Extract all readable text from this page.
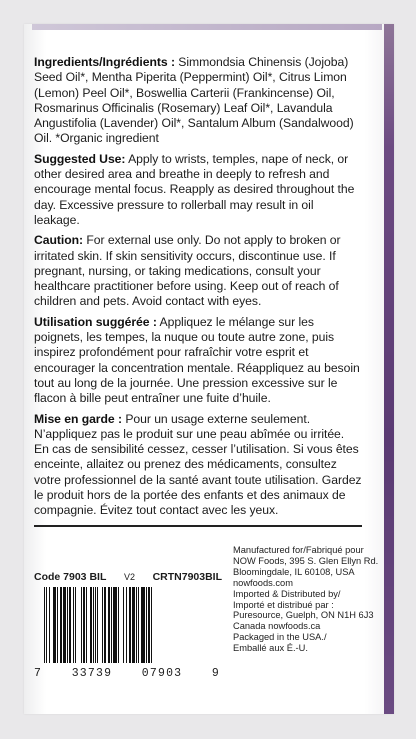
Ingredients/Ingrédients : Simmondsia Chinensis (Jojoba) Seed Oil*, Mentha Piperita (Peppermint) Oil*, Citrus Limon (Lemon) Peel Oil*, Boswellia Carterii (Frankincense) Oil, Rosmarinus Officinalis (Rosemary) Leaf Oil*, Lavandula Angustifolia (Lavender) Oil*, Santalum Album (Sandalwood) Oil. *Organic ingredient

Suggested Use: Apply to wrists, temples, nape of neck, or other desired area and breathe in deeply to refresh and encourage mental focus. Reapply as desired throughout the day. Excessive pressure to rollerball may result in oil leakage.

Caution: For external use only. Do not apply to broken or irritated skin. If skin sensitivity occurs, discontinue use. If pregnant, nursing, or taking medications, consult your healthcare practitioner before using. Keep out of reach of children and pets. Avoid contact with eyes.

Utilisation suggérée : Appliquez le mélange sur les poignets, les tempes, la nuque ou toute autre zone, puis inspirez profondément pour rafraîchir votre esprit et encourager la concentration mentale. Réappliquez au besoin tout au long de la journée. Une pression excessive sur le flacon à bille peut entraîner une fuite d’huile.

Mise en garde : Pour un usage externe seulement. N’appliquez pas le produit sur une peau abîmée ou irritée. En cas de sensibilité cessez, cesser l’utilisation. Si vous êtes enceinte, allaitez ou prenez des médicaments, consultez votre professionnel de la santé avant toute utilisation. Gardez le produit hors de la portée des enfants et des animaux de compagnie. Évitez tout contact avec les yeux.

Code 7903 BIL V2 CRTN7903BIL
7	33739	07903	9
Manufactured for/Fabriqué pour
NOW Foods, 395 S. Glen Ellyn Rd.
Bloomingdale, IL 60108, USA
nowfoods.com
Imported & Distributed by/
Importé et distribué par :
Puresource, Guelph, ON N1H 6J3
Canada nowfoods.ca
Packaged in the USA./
Emballé aux É.-U.
